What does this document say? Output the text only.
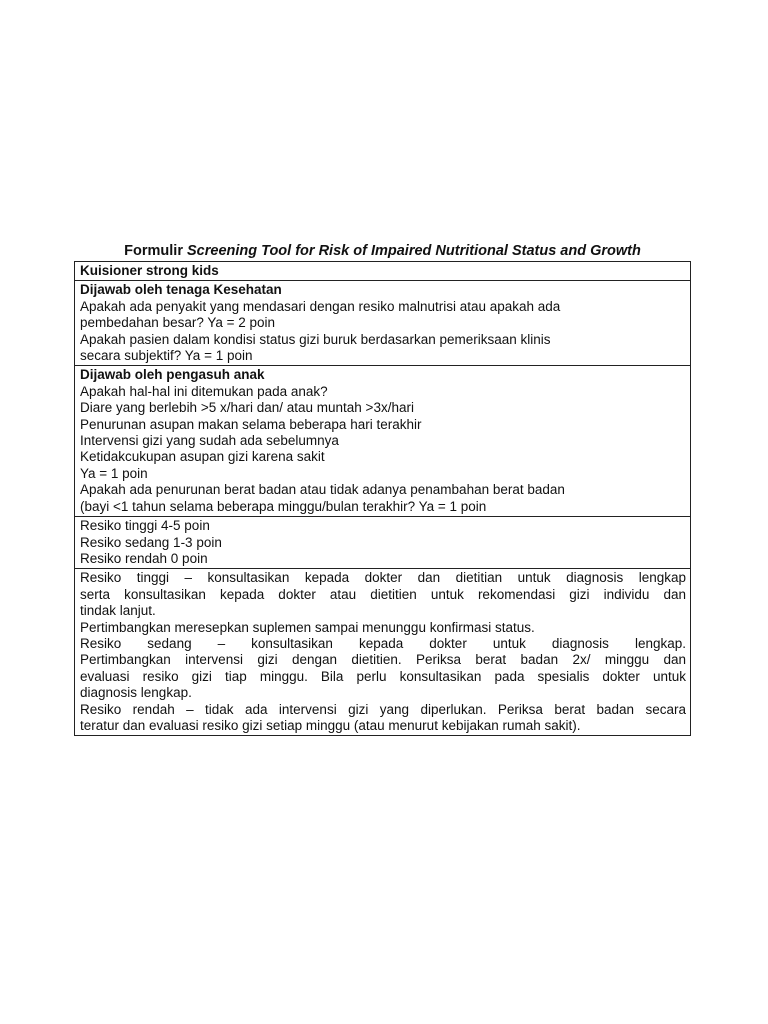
Formulir Screening Tool for Risk of Impaired Nutritional Status and Growth
Kuisioner strong kids

Dijawab oleh tenaga Kesehatan
Apakah ada penyakit yang mendasari dengan resiko malnutrisi atau apakah ada
pembedahan besar? Ya = 2 poin
Apakah pasien dalam kondisi status gizi buruk berdasarkan pemeriksaan klinis
secara subjektif? Ya = 1 poin

Dijawab oleh pengasuh anak
Apakah hal-hal ini ditemukan pada anak?
Diare yang berlebih >5 x/hari dan/ atau muntah >3x/hari
Penurunan asupan makan selama beberapa hari terakhir
Intervensi gizi yang sudah ada sebelumnya
Ketidakcukupan asupan gizi karena sakit
Ya = 1 poin
Apakah ada penurunan berat badan atau tidak adanya penambahan berat badan
(bayi <1 tahun selama beberapa minggu/bulan terakhir? Ya = 1 poin

Resiko tinggi 4-5 poin
Resiko sedang 1-3 poin
Resiko rendah 0 poin

Resiko tinggi – konsultasikan kepada dokter dan dietitian untuk diagnosis lengkap
serta konsultasikan kepada dokter atau dietitien untuk rekomendasi gizi individu dan
tindak lanjut.
Pertimbangkan meresepkan suplemen sampai menunggu konfirmasi status.
Resiko sedang – konsultasikan kepada dokter untuk diagnosis lengkap.
Pertimbangkan intervensi gizi dengan dietitien. Periksa berat badan 2x/ minggu dan
evaluasi resiko gizi tiap minggu. Bila perlu konsultasikan pada spesialis dokter untuk
diagnosis lengkap.
Resiko rendah – tidak ada intervensi gizi yang diperlukan. Periksa berat badan secara
teratur dan evaluasi resiko gizi setiap minggu (atau menurut kebijakan rumah sakit).
